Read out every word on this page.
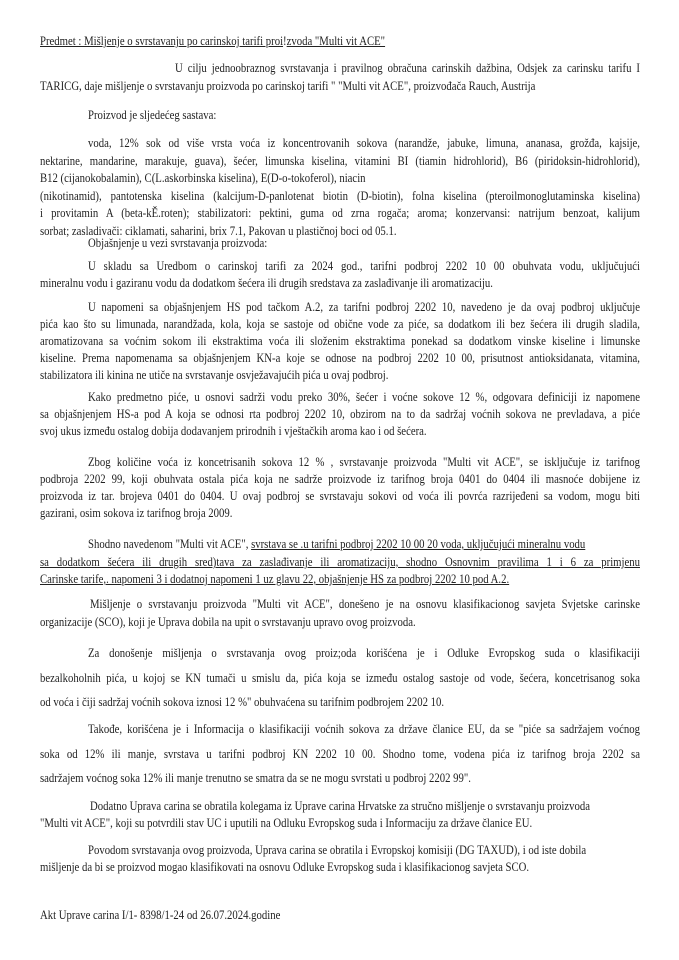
Predmet : Mišljenje o svrstavanju po carinskoj tarifi proi!zvoda "Multi vit ACE"
U cilju jednoobraznog svrstavanja i pravilnog obračuna carinskih dažbina, Odsjek za carinsku tarifu I
TARICG, daje mišljenje o svrstavanju proizvoda po carinskoj tarifi " "Multi vit ACE", proizvođača Rauch, Austrija
Proizvod je sljedećeg sastava:
voda, 12% sok od više vrsta voća iz koncentrovanih sokova (narandže, jabuke, limuna, ananasa, grožđa, kajsije,
nektarine, mandarine, marakuje, guava), šećer, limunska kiselina, vitamini BI (tiamin hidrohlorid), B6 (piridoksin-hidrohlorid),
B12 (cijanokobalamin), C(L.askorbinska kiselina), E(D-o-tokoferol), niacin
(nikotinamid), pantotenska kiselina (kalcijum-D-panlotenat biotin (D-biotin), folna kiselina (pteroilmonoglutaminska kiselina)
i provitamin A (beta-kĚ.roten); stabilizatori: pektini, guma od zrna rogača; aroma; konzervansi: natrijum benzoat, kalijum
sorbat; zasladivači: ciklamati, saharini, brix 7.1, Pakovan u plastičnoj boci od 05.1.
Objašnjenje u vezi svrstavanja proizvoda:
U skladu sa Uredbom o carinskoj tarifi za 2024 god., tarifni podbroj 2202 10 00 obuhvata vodu, uključujući
mineralnu vodu i gaziranu vodu da dodatkom šećera ili drugih sredstava za zaslađivanje ili aromatizaciju.
U napomeni sa objašnjenjem HS pod tačkom A.2, za tarifni podbroj 2202 10, navedeno je da ovaj podbroj uključuje
pića kao što su limunada, narandžada, kola, koja se sastoje od obične vode za piće, sa dodatkom ili bez šećera ili drugih sladila,
aromatizovana sa voćnim sokom ili ekstraktima voća ili složenim ekstraktima ponekad sa dodatkom vinske kiseline i limunske
kiseline. Prema napomenama sa objašnjenjem KN-a koje se odnose na podbroj 2202 10 00, prisutnost antioksidanata, vitamina,
stabilizatora ili kinina ne utiče na svrstavanje osvježavajućih pića u ovaj podbroj.
Kako predmetno piće, u osnovi sadrži vodu preko 30%, šećer i voćne sokove 12 %, odgovara definiciji iz napomene
sa objašnjenjem HS-a pod A koja se odnosi rta podbroj 2202 10, obzirom na to da sadržaj voćnih sokova ne prevladava, a piće
svoj ukus između ostalog dobija dodavanjem prirodnih i vještačkih aroma kao i od šećera.
Zbog količine voća iz koncetrisanih sokova 12 % , svrstavanje proizvoda "Multi vit ACE", se isključuje iz tarifnog
podbroja 2202 99, koji obuhvata ostala pića koja ne sadrže proizvode iz tarifnog broja 0401 do 0404 ili masnoće dobijene iz
proizvoda iz tar. brojeva 0401 do 0404. U ovaj podbroj se svrstavaju sokovi od voća ili povrća razrijeđeni sa vodom, mogu biti
gazirani, osim sokova iz tarifnog broja 2009.
Shodno navedenom "Multi vit ACE", svrstava se .u tarifni podbroj 2202 10 00 20 voda, uključujući mineralnu vodu
sa dodatkom šećera ili drugih sred)tava za zaslađivanje ili aromatizaciju, shodno Osnovnim pravilima 1 i 6 za primjenu
Carinske tarife,. napomeni 3 i dodatnoj napomeni 1 uz glavu 22, objašnjenje HS za podbroj 2202 10 pod A.2.
Mišljenje o svrstavanju proizvoda "Multi vit ACE", donešeno je na osnovu klasifikacionog savjeta Svjetske carinske
organizacije (SCO), koji je Uprava dobila na upit o svrstavanju upravo ovog proizvoda.
Za donošenje mišljenja o svrstavanja ovog proiz;oda korišćena je i Odluke Evropskog suda o klasifikaciji
bezalkoholnih pića, u kojoj se KN tumači u smislu da, pića koja se između ostalog sastoje od vode, šećera, koncetrisanog soka
od voća i čiji sadržaj voćnih sokova iznosi 12 %" obuhvaćena su tarifnim podbrojem 2202 10.
Takođe, korišćena je i Informacija o klasifikaciji voćnih sokova za države članice EU, da se "piće sa sadržajem voćnog
soka od 12% ili manje, svrstava u tarifni podbroj KN 2202 10 00. Shodno tome, vodena pića iz tarifnog broja 2202 sa
sadržajem voćnog soka 12% ili manje trenutno se smatra da se ne mogu svrstati u podbroj 2202 99".
Dodatno Uprava carina se obratila kolegama iz Uprave carina Hrvatske za stručno mišljenje o svrstavanju proizvoda
"Multi vit ACE", koji su potvrdili stav UC i uputili na Odluku Evropskog suda i Informaciju za države članice EU.
Povodom svrstavanja ovog proizvoda, Uprava carina se obratila i Evropskoj komisiji (DG TAXUD), i od iste dobila
mišljenje da bi se proizvod mogao klasifikovati na osnovu Odluke Evropskog suda i klasifikacionog savjeta SCO.
Akt Uprave carina I/1- 8398/1-24 od 26.07.2024.godine
